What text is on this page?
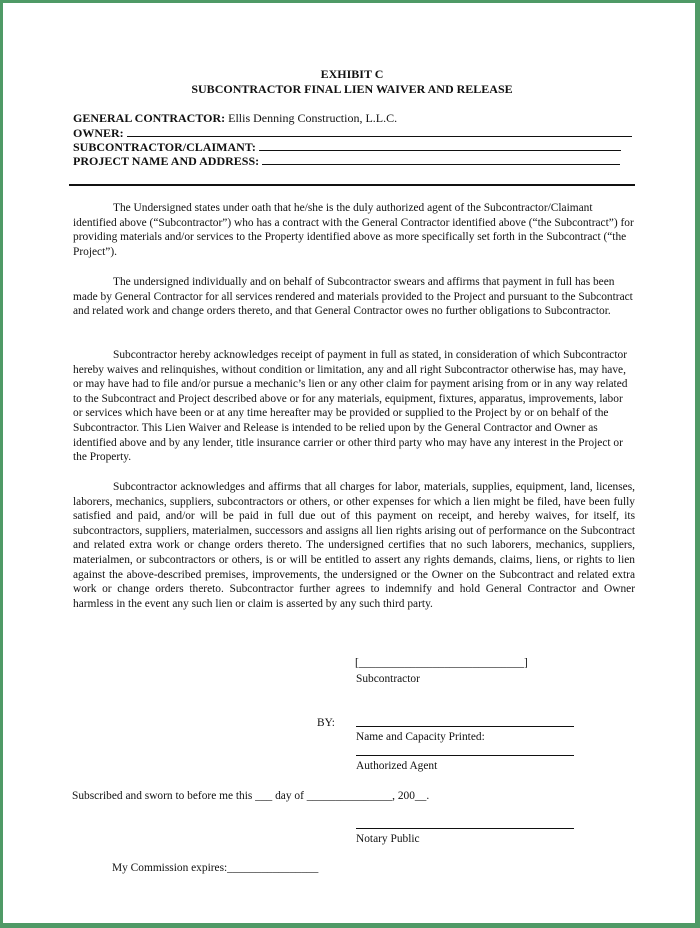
EXHIBIT C
SUBCONTRACTOR FINAL LIEN WAIVER AND RELEASE
GENERAL CONTRACTOR: Ellis Denning Construction, L.L.C.
OWNER:
SUBCONTRACTOR/CLAIMANT:
PROJECT NAME AND ADDRESS:
The Undersigned states under oath that he/she is the duly authorized agent of the Subcontractor/Claimant identified above (“Subcontractor”) who has a contract with the General Contractor identified above (“the Subcontract”) for providing materials and/or services to the Property identified above as more specifically set forth in the Subcontract (“the Project”).
The undersigned individually and on behalf of Subcontractor swears and affirms that payment in full has been made by General Contractor for all services rendered and materials provided to the Project and pursuant to the Subcontract and related work and change orders thereto, and that General Contractor owes no further obligations to Subcontractor.
Subcontractor hereby acknowledges receipt of payment in full as stated, in consideration of which Subcontractor hereby waives and relinquishes, without condition or limitation, any and all right Subcontractor otherwise has, may have, or may have had to file and/or pursue a mechanic’s lien or any other claim for payment arising from or in any way related to the Subcontract and Project described above or for any materials, equipment, fixtures, apparatus, improvements, labor or services which have been or at any time hereafter may be provided or supplied to the Project by or on behalf of the Subcontractor. This Lien Waiver and Release is intended to be relied upon by the General Contractor and Owner as identified above and by any lender, title insurance carrier or other third party who may have any interest in the Project or the Property.
Subcontractor acknowledges and affirms that all charges for labor, materials, supplies, equipment, land, licenses, laborers, mechanics, suppliers, subcontractors or others, or other expenses for which a lien might be filed, have been fully satisfied and paid, and/or will be paid in full due out of this payment on receipt, and hereby waives, for itself, its subcontractors, suppliers, materialmen, successors and assigns all lien rights arising out of performance on the Subcontract and related extra work or change orders thereto. The undersigned certifies that no such laborers, mechanics, suppliers, materialmen, or subcontractors or others, is or will be entitled to assert any rights demands, claims, liens, or rights to lien against the above-described premises, improvements, the undersigned or the Owner on the Subcontract and related extra work or change orders thereto. Subcontractor further agrees to indemnify and hold General Contractor and Owner harmless in the event any such lien or claim is asserted by any such third party.
[_____________________________]
Subcontractor
BY:
Name and Capacity Printed:
Authorized Agent
Subscribed and sworn to before me this ___ day of _______________, 200__.
Notary Public
My Commission expires:________________
